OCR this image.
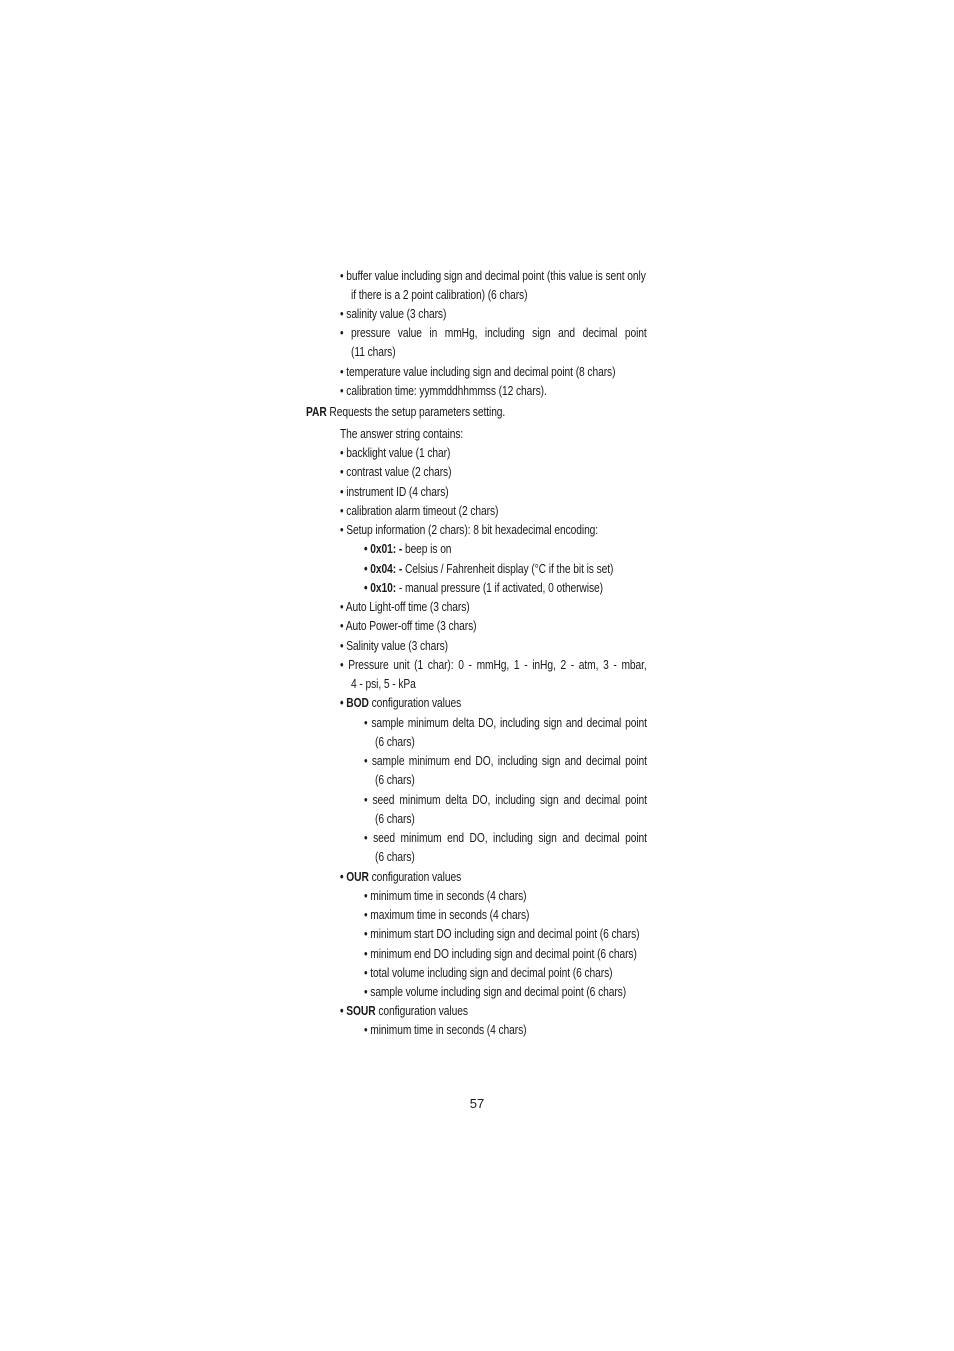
• buffer value including sign and decimal point (this value is sent only
if there is a 2 point calibration) (6 chars)
• salinity value (3 chars)
• pressure value in mmHg, including sign and decimal point
(11 chars)
• temperature value including sign and decimal point (8 chars)
• calibration time: yymmddhhmmss (12 chars).
PAR Requests the setup parameters setting.
The answer string contains:
• backlight value (1 char)
• contrast value (2 chars)
• instrument ID (4 chars)
• calibration alarm timeout (2 chars)
• Setup information (2 chars): 8 bit hexadecimal encoding:
• 0x01: - beep is on
• 0x04: - Celsius / Fahrenheit display (°C if the bit is set)
• 0x10: - manual pressure (1 if activated, 0 otherwise)
• Auto Light-off time (3 chars)
• Auto Power-off time (3 chars)
• Salinity value (3 chars)
• Pressure unit (1 char): 0 - mmHg, 1 - inHg, 2 - atm, 3 - mbar,
4 - psi, 5 - kPa
• BOD configuration values
• sample minimum delta DO, including sign and decimal point
(6 chars)
• sample minimum end DO, including sign and decimal point
(6 chars)
• seed minimum delta DO, including sign and decimal point
(6 chars)
• seed minimum end DO, including sign and decimal point
(6 chars)
• OUR configuration values
• minimum time in seconds (4 chars)
• maximum time in seconds (4 chars)
• minimum start DO including sign and decimal point (6 chars)
• minimum end DO including sign and decimal point (6 chars)
• total volume including sign and decimal point (6 chars)
• sample volume including sign and decimal point (6 chars)
• SOUR configuration values
• minimum time in seconds (4 chars)
57
